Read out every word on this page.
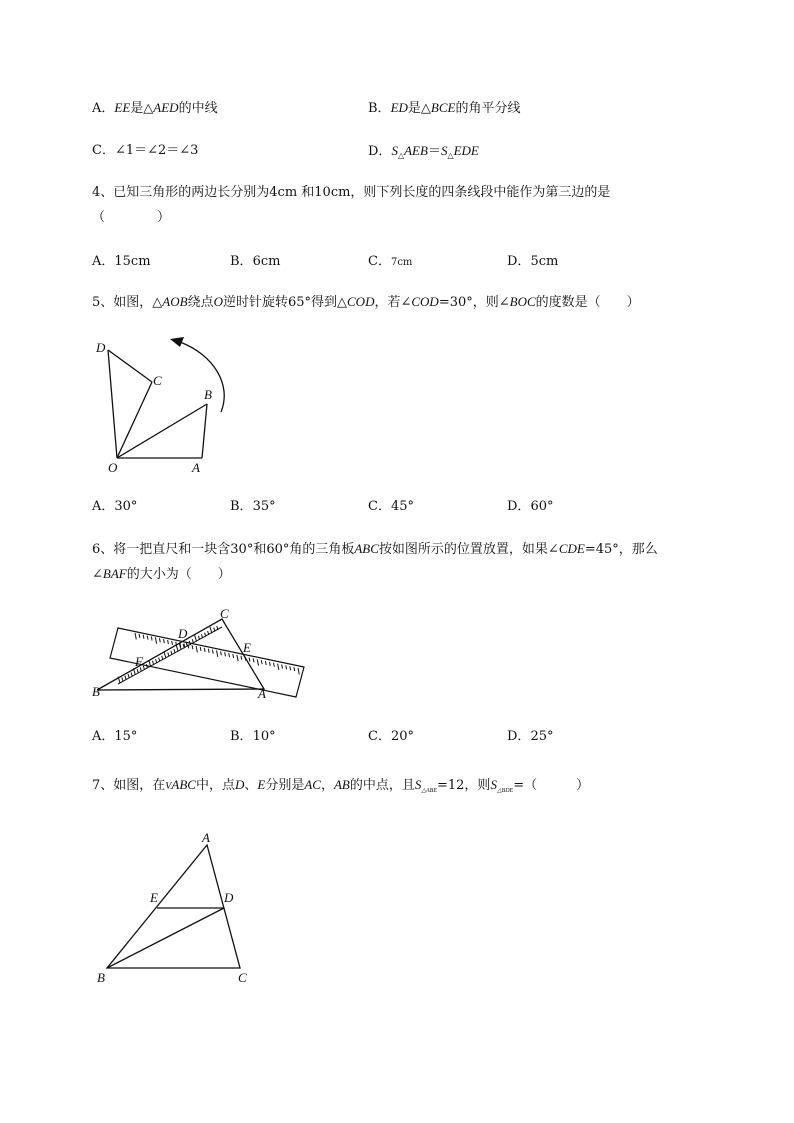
A．EE是△AED的中线	B．ED是△BCE的角平分线
C．∠1＝∠2＝∠3	D．$S_\triangle AEB=S_\triangle EDE$
4、已知三角形的两边长分别为4cm 和10cm，则下列长度的四条线段中能作为第三边的是
（　　　　）
A．15cm	B．6cm	C．7cm	D．5cm
5、如图，△AOB绕点O逆时针旋转65°得到△COD，若∠COD=30°，则∠BOC的度数是（　　）
D
C
B
O	A
A．30°	B．35°	C．45°	D．60°
6、将一把直尺和一块含30°和60°角的三角板ABC按如图所示的位置放置，如果∠CDE=45°，那么
∠BAF的大小为（　　）
C
D
E
F
B	A
A．15°	B．10°	C．20°	D．25°
7、如图，在VABC中，点D、E分别是AC，AB的中点，且$S_{\triangle ABE}=12$，则$S_{\triangle BDE}=$（　　　）
A
E	D
B	C
